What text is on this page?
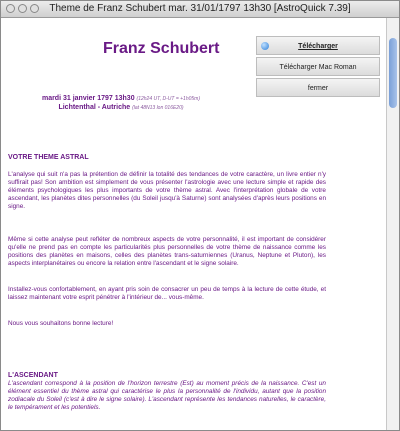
Theme de Franz Schubert mar. 31/01/1797 13h30 [AstroQuick 7.39]
Franz Schubert
mardi 31 janvier 1797 13h30 (12h24 UT, D-UT = +1h05m)
Lichtenthal - Autriche (lat 48N13 lon 016E20)
Télécharger
Télécharger Mac Roman
fermer
VOTRE THEME ASTRAL
L'analyse qui suit n'a pas la prétention de définir la totalité des tendances de votre caractère, un livre entier n'y suffirait pas! Son ambition est simplement de vous présenter l'astrologie avec une lecture simple et rapide des éléments psychologiques les plus importants de votre thème astral. Avec l'interprétation globale de votre ascendant, les planètes dites personnelles (du Soleil jusqu'à Saturne) sont analysées d'après leurs positions en signe.
Même si cette analyse peut refléter de nombreux aspects de votre personnalité, il est important de considérer qu'elle ne prend pas en compte les particularités plus personnelles de votre thème de naissance comme les positions des planètes en maisons, celles des planètes trans-saturniennes (Uranus, Neptune et Pluton), les aspects interplanétaires ou encore la relation entre l'ascendant et le signe solaire.
Installez-vous confortablement, en ayant pris soin de consacrer un peu de temps à la lecture de cette étude, et laissez maintenant votre esprit pénétrer à l'intérieur de... vous-même.
Nous vous souhaitons bonne lecture!
L'ASCENDANT
L'ascendant correspond à la position de l'horizon terrestre (Est) au moment précis de la naissance. C'est un élément essentiel du thème astral qui caractérise le plus la personnalité de l'individu, autant que la position zodiacale du Soleil (c'est à dire le signe solaire). L'ascendant représente les tendances naturelles, le caractère, le tempérament et les potentiels.
